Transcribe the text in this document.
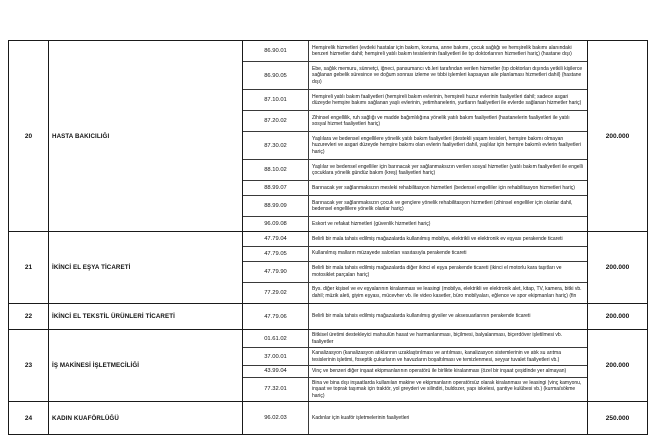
20	HASTA BAKICILIĞI
86.90.01
Hemşirelik hizmetleri (evdeki hastalar için bakım, koruma, anne bakımı, çocuk sağlığı ve hemşirelik bakımı alanındaki benzeri hizmetler dahil; hemşireli yatılı bakım tesislerinin faaliyetleri ile tıp doktorlarının hizmetleri hariç) (hastane dışı)
86.90.05
Ebe, sağlık memuru, sünnetçi, iğneci, pansumancı vb.leri tarafından verilen hizmetler (tıp doktorları dışında yetkili kişilerce sağlanan gebelik süresince ve doğum sonrası izleme ve tıbbi işlemleri kapsayan aile planlaması hizmetleri dahil) (hastane dışı)
87.10.01
Hemşireli yatılı bakım faaliyetleri (hemşireli bakım evlerinin, hemşireli huzur evlerinin faaliyetleri dahil; sadece asgari düzeyde hemşire bakımı sağlanan yaşlı evlerinin, yetimhanelerin, yurtların faaliyetleri ile evlerde sağlanan hizmetler hariç)
87.20.02
Zihinsel engellilik, ruh sağlığı ve madde bağımlılığına yönelik yatılı bakım faaliyetleri (hastanelerin faaliyetleri ile yatılı sosyal hizmet faaliyetleri hariç)
87.30.02
Yaşlılara ve bedensel engellilere yönelik yatılı bakım faaliyetleri (destekli yaşam tesisleri, hemşire bakımı olmayan huzurevleri ve asgari düzeyde hemşire bakımı olan evlerin faaliyetleri dahil, yaşlılar için hemşire bakımlı evlerin faaliyetleri hariç)
88.10.02
Yaşlılar ve bedensel engelliler için barınacak yer sağlanmaksızın verilen sosyal hizmetler (yatılı bakım faaliyetleri ile engelli çocuklara yönelik gündüz bakım (kreş) faaliyetleri hariç)
88.99.07	Barınacak yer sağlanmaksızın mesleki rehabilitasyon hizmetleri (bedensel engelliler için rehabilitasyon hizmetleri hariç)
88.99.09
Barınacak yer sağlanmaksızın çocuk ve gençlere yönelik rehabilitasyon hizmetleri (zihinsel engelliler için olanlar dahil, bedensel engellilere yönelik olanlar hariç)
96.09.08	Eskort ve refakat hizmetleri (güvenlik hizmetleri hariç)
200.000
21	İKİNCİ EL EŞYA TİCARETİ
47.79.04	Belirli bir mala tahsis edilmiş mağazalarda kullanılmış mobilya, elektrikli ve elektronik ev eşyası perakende ticareti
47.79.05	Kullanılmış malların müzayede salonları vasıtasıyla perakende ticareti
47.79.90
Belirli bir mala tahsis edilmiş mağazalarda diğer ikinci el eşya perakende ticareti (ikinci el motorlu kara taşıtları ve motosiklet parçaları hariç)
77.29.02
Bys. diğer kişisel ve ev eşyalarının kiralanması ve leasingi (mobilya, elektrikli ve elektronik alet, kitap, TV, kamera, bitki vb. dahil; müzik aleti, giyim eşyası, mücevher vb. ile video kasetler, büro mobilyaları, eğlence ve spor ekipmanları hariç) (fin
200.000
22	İKİNCİ EL TEKSTİL ÜRÜNLERİ TİCARETİ	47.79.06	Belirli bir mala tahsis edilmiş mağazalarda kullanılmış giysiler ve aksesuarlarının perakende ticareti	200.000
23	İŞ MAKİNESİ İŞLETMECİLİĞİ
01.61.02
Bitkisel üretimi destekleyici mahsulün hasat ve harmanlanması, biçilmesi, balyalanması, biçerdöver işletilmesi vb. faaliyetler
37.00.01
Kanalizasyon (kanalizasyon atıklarının uzaklaştırılması ve arıtılması, kanalizasyon sistemlerinin ve atık su arıtma tesislerinin işletimi, foseptik çukurların ve havuzların boşaltılması ve temizlenmesi, seyyar tuvalet faaliyetleri vb.)
43.99.04	Vinç ve benzeri diğer inşaat ekipmanlarının operatörü ile birlikte kiralanması (özel bir inşaat çeşidinde yer almayan)
77.32.01
Bina ve bina dışı inşaatlarda kullanılan makine ve ekipmanların operatörsüz olarak kiralanması ve leasingi (vinç kamyonu, inşaat ve toprak taşımak için traktör, yol greyderi ve silindiri, buldozer, yapı iskelesi, şantiye kulübesi vb.) (kurma/sökme hariç)
200.000
24	KADIN KUAFÖRLÜĞÜ	96.02.03	Kadınlar için kuaför işletmelerinin faaliyetleri	250.000
